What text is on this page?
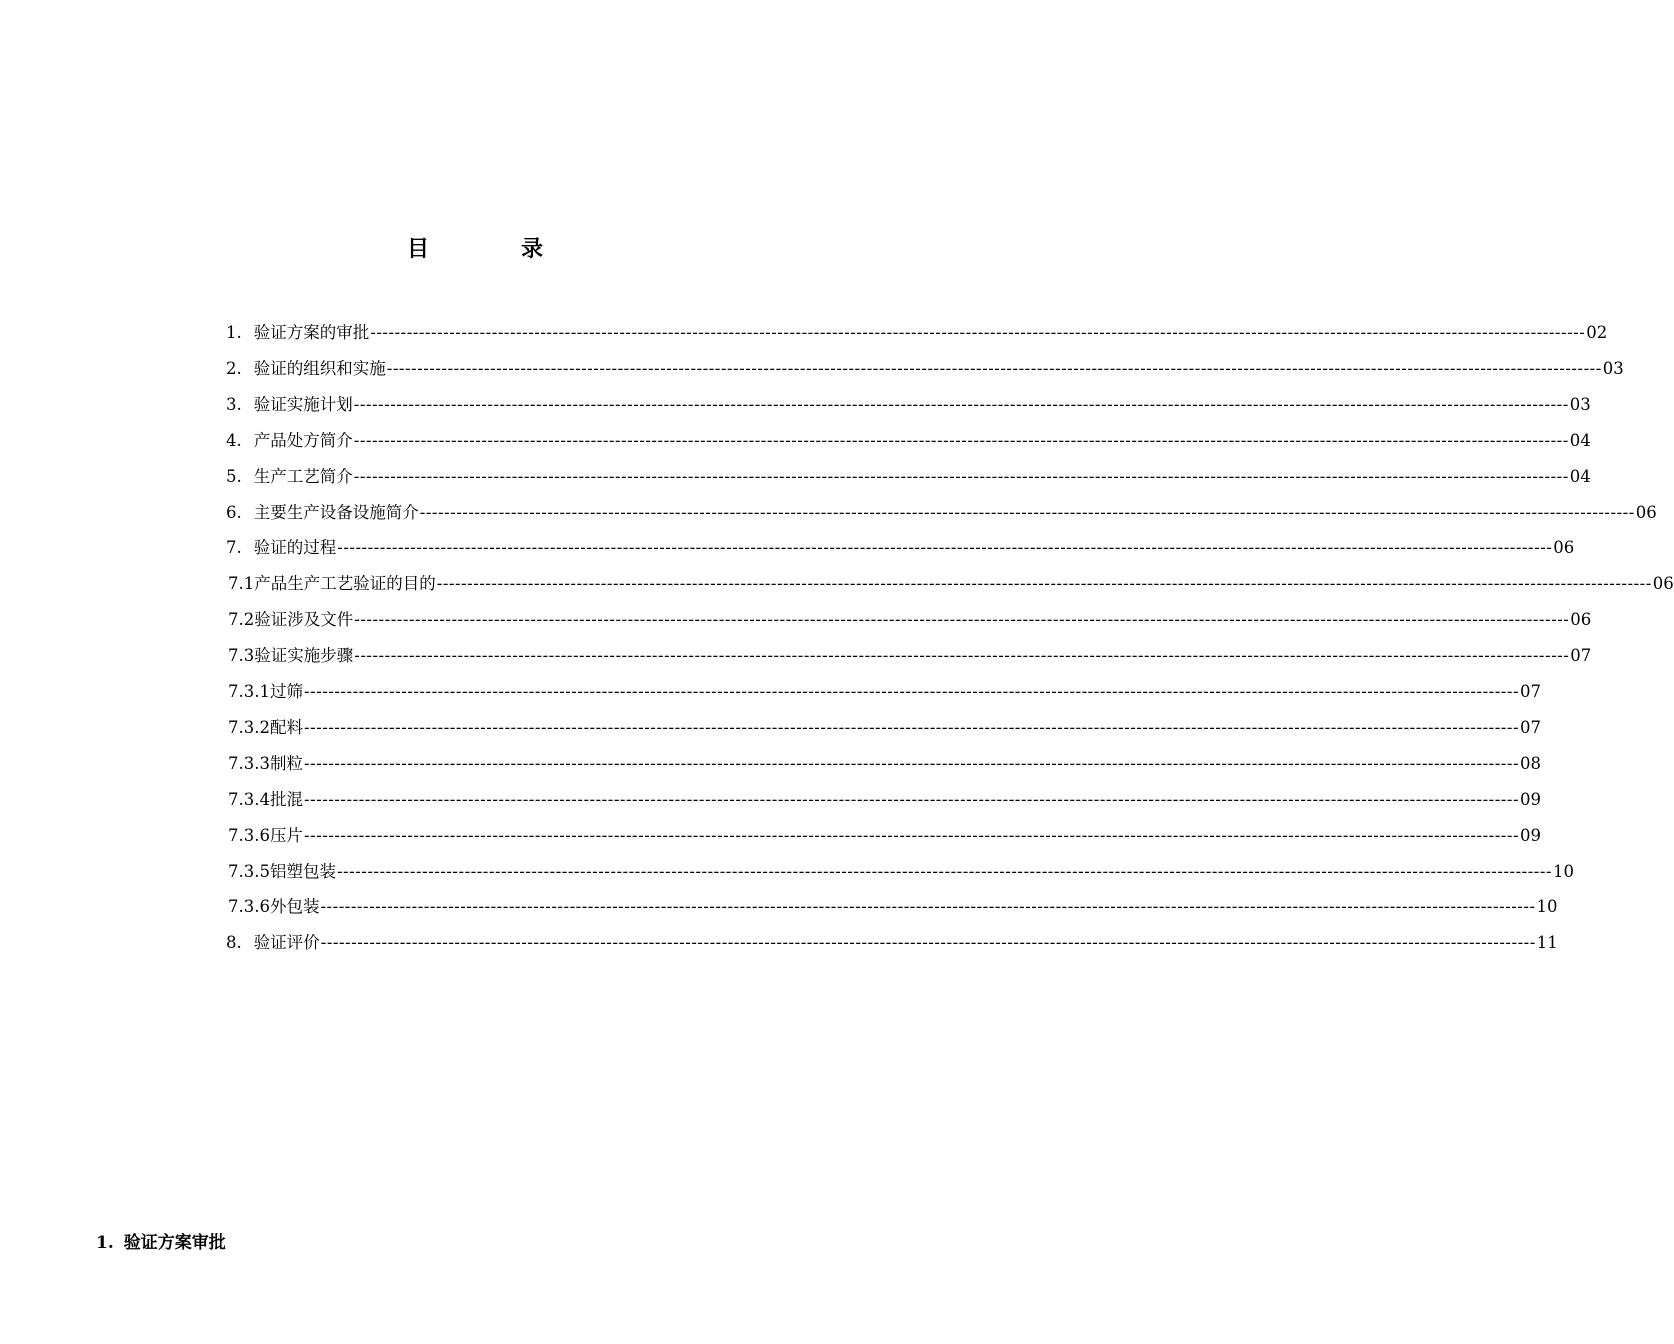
目	录
1. 验证方案的审批 -------------------------------------------------------------------------------------------------------------------------------------------------------------------------------------------------------- 02
2. 验证的组织和实施 -------------------------------------------------------------------------------------------------------------------------------------------------------------------------------------------------------- 03
3. 验证实施计划 -------------------------------------------------------------------------------------------------------------------------------------------------------------------------------------------------------- 03
4. 产品处方简介 -------------------------------------------------------------------------------------------------------------------------------------------------------------------------------------------------------- 04
5. 生产工艺简介 -------------------------------------------------------------------------------------------------------------------------------------------------------------------------------------------------------- 04
6. 主要生产设备设施简介 -------------------------------------------------------------------------------------------------------------------------------------------------------------------------------------------------------- 06
7. 验证的过程 -------------------------------------------------------------------------------------------------------------------------------------------------------------------------------------------------------- 06
7.1 产品生产工艺验证的目的 -------------------------------------------------------------------------------------------------------------------------------------------------------------------------------------------------------- 06
7.2 验证涉及文件 -------------------------------------------------------------------------------------------------------------------------------------------------------------------------------------------------------- 06
7.3 验证实施步骤 -------------------------------------------------------------------------------------------------------------------------------------------------------------------------------------------------------- 07
7.3.1 过筛 -------------------------------------------------------------------------------------------------------------------------------------------------------------------------------------------------------- 07
7.3.2 配料 -------------------------------------------------------------------------------------------------------------------------------------------------------------------------------------------------------- 07
7.3.3 制粒 -------------------------------------------------------------------------------------------------------------------------------------------------------------------------------------------------------- 08
7.3.4 批混 -------------------------------------------------------------------------------------------------------------------------------------------------------------------------------------------------------- 09
7.3.6 压片 -------------------------------------------------------------------------------------------------------------------------------------------------------------------------------------------------------- 09
7.3.5 铝塑包装 -------------------------------------------------------------------------------------------------------------------------------------------------------------------------------------------------------- 10
7.3.6 外包装 -------------------------------------------------------------------------------------------------------------------------------------------------------------------------------------------------------- 10
8. 验证评价 -------------------------------------------------------------------------------------------------------------------------------------------------------------------------------------------------------- 11
1. 验证方案审批
